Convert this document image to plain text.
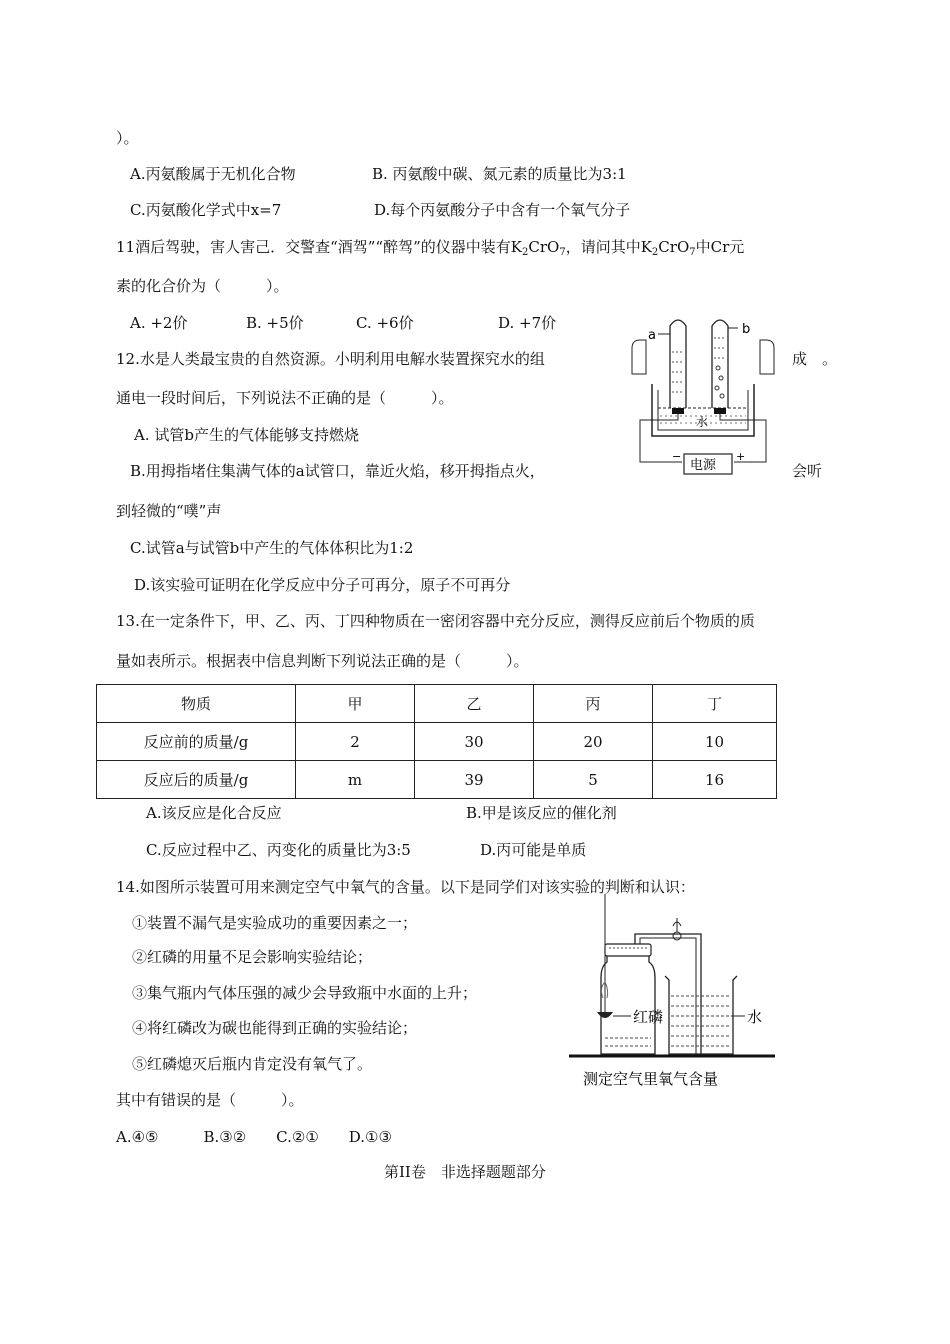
）。
A.丙氨酸属于无机化合物	B. 丙氨酸中碳、氮元素的质量比为3:1
C.丙氨酸化学式中x=7	D.每个丙氨酸分子中含有一个氧气分子
11酒后驾驶，害人害己．交警查“酒驾”“醉驾”的仪器中装有$K_2CrO_7$，请问其中$K_2CrO_7$中Cr元
素的化合价为（　　　）。
A. +2价	B. +5价	C. +6价	D. +7价
12.水是人类最宝贵的自然资源。小明利用电解水装置探究水的组	成　。
通电一段时间后，下列说法不正确的是（　　　）。
A. 试管b产生的气体能够支持燃烧
B.用拇指堵住集满气体的a试管口，靠近火焰，移开拇指点火，	会听
到轻微的“噗”声
C.试管a与试管b中产生的气体体积比为1:2
D.该实验可证明在化学反应中分子可再分，原子不可再分
a	b
水
电源
−	+
13.在一定条件下，甲、乙、丙、丁四种物质在一密闭容器中充分反应，测得反应前后个物质的质
量如表所示。根据表中信息判断下列说法正确的是（　　　）。
物质	甲	乙	丙	丁
反应前的质量/g	2	30	20	10
反应后的质量/g	m	39	5	16
A.该反应是化合反应	B.甲是该反应的催化剂
C.反应过程中乙、丙变化的质量比为3:5	D.丙可能是单质
14.如图所示装置可用来测定空气中氧气的含量。以下是同学们对该实验的判断和认识：
①装置不漏气是实验成功的重要因素之一；
②红磷的用量不足会影响实验结论；
③集气瓶内气体压强的减少会导致瓶中水面的上升；
④将红磷改为碳也能得到正确的实验结论；
⑤红磷熄灭后瓶内肯定没有氧气了。
其中有错误的是（　　　）。
A.④⑤　　　B.③②　　C.②①　　D.①③
红磷	水
测定空气里氧气含量
第II卷　非选择题题部分
